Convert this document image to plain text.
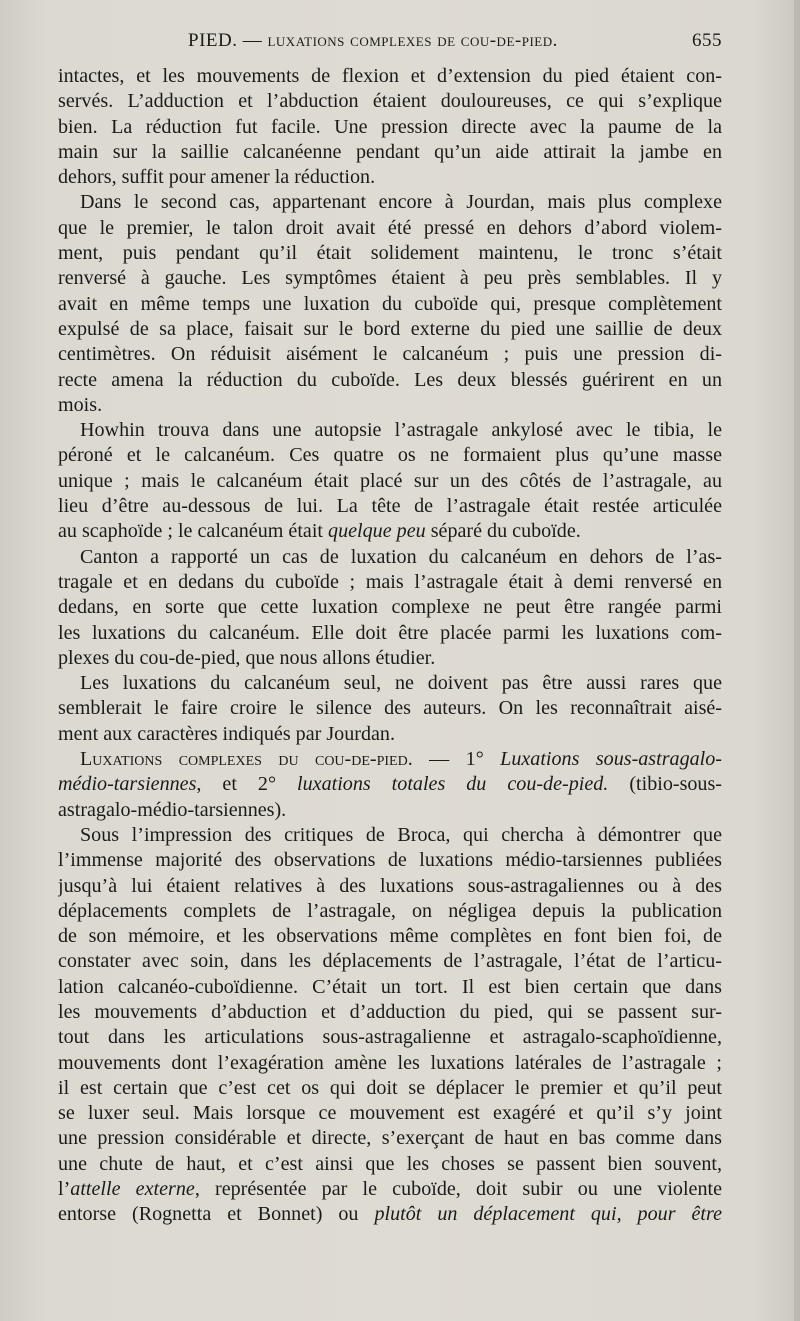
PIED. — luxations complexes de cou-de-pied.	655
intactes, et les mouvements de flexion et d’extension du pied étaient con-
servés. L’adduction et l’abduction étaient douloureuses, ce qui s’explique
bien. La réduction fut facile. Une pression directe avec la paume de la
main sur la saillie calcanéenne pendant qu’un aide attirait la jambe en
dehors, suffit pour amener la réduction.
Dans le second cas, appartenant encore à Jourdan, mais plus complexe
que le premier, le talon droit avait été pressé en dehors d’abord violem-
ment, puis pendant qu’il était solidement maintenu, le tronc s’était
renversé à gauche. Les symptômes étaient à peu près semblables. Il y
avait en même temps une luxation du cuboïde qui, presque complètement
expulsé de sa place, faisait sur le bord externe du pied une saillie de deux
centimètres. On réduisit aisément le calcanéum ; puis une pression di-
recte amena la réduction du cuboïde. Les deux blessés guérirent en un
mois.
Howhin trouva dans une autopsie l’astragale ankylosé avec le tibia, le
péroné et le calcanéum. Ces quatre os ne formaient plus qu’une masse
unique ; mais le calcanéum était placé sur un des côtés de l’astragale, au
lieu d’être au-dessous de lui. La tête de l’astragale était restée articulée
au scaphoïde ; le calcanéum était quelque peu séparé du cuboïde.
Canton a rapporté un cas de luxation du calcanéum en dehors de l’as-
tragale et en dedans du cuboïde ; mais l’astragale était à demi renversé en
dedans, en sorte que cette luxation complexe ne peut être rangée parmi
les luxations du calcanéum. Elle doit être placée parmi les luxations com-
plexes du cou-de-pied, que nous allons étudier.
Les luxations du calcanéum seul, ne doivent pas être aussi rares que
semblerait le faire croire le silence des auteurs. On les reconnaîtrait aisé-
ment aux caractères indiqués par Jourdan.
Luxations complexes du cou-de-pied. — 1° Luxations sous-astragalo-
médio-tarsiennes, et 2° luxations totales du cou-de-pied. (tibio-sous-
astragalo-médio-tarsiennes).
Sous l’impression des critiques de Broca, qui chercha à démontrer que
l’immense majorité des observations de luxations médio-tarsiennes publiées
jusqu’à lui étaient relatives à des luxations sous-astragaliennes ou à des
déplacements complets de l’astragale, on négligea depuis la publication
de son mémoire, et les observations même complètes en font bien foi, de
constater avec soin, dans les déplacements de l’astragale, l’état de l’articu-
lation calcanéo-cuboïdienne. C’était un tort. Il est bien certain que dans
les mouvements d’abduction et d’adduction du pied, qui se passent sur-
tout dans les articulations sous-astragalienne et astragalo-scaphoïdienne,
mouvements dont l’exagération amène les luxations latérales de l’astragale ;
il est certain que c’est cet os qui doit se déplacer le premier et qu’il peut
se luxer seul. Mais lorsque ce mouvement est exagéré et qu’il s’y joint
une pression considérable et directe, s’exerçant de haut en bas comme dans
une chute de haut, et c’est ainsi que les choses se passent bien souvent,
l’attelle externe, représentée par le cuboïde, doit subir ou une violente
entorse (Rognetta et Bonnet) ou plutôt un déplacement qui, pour être
